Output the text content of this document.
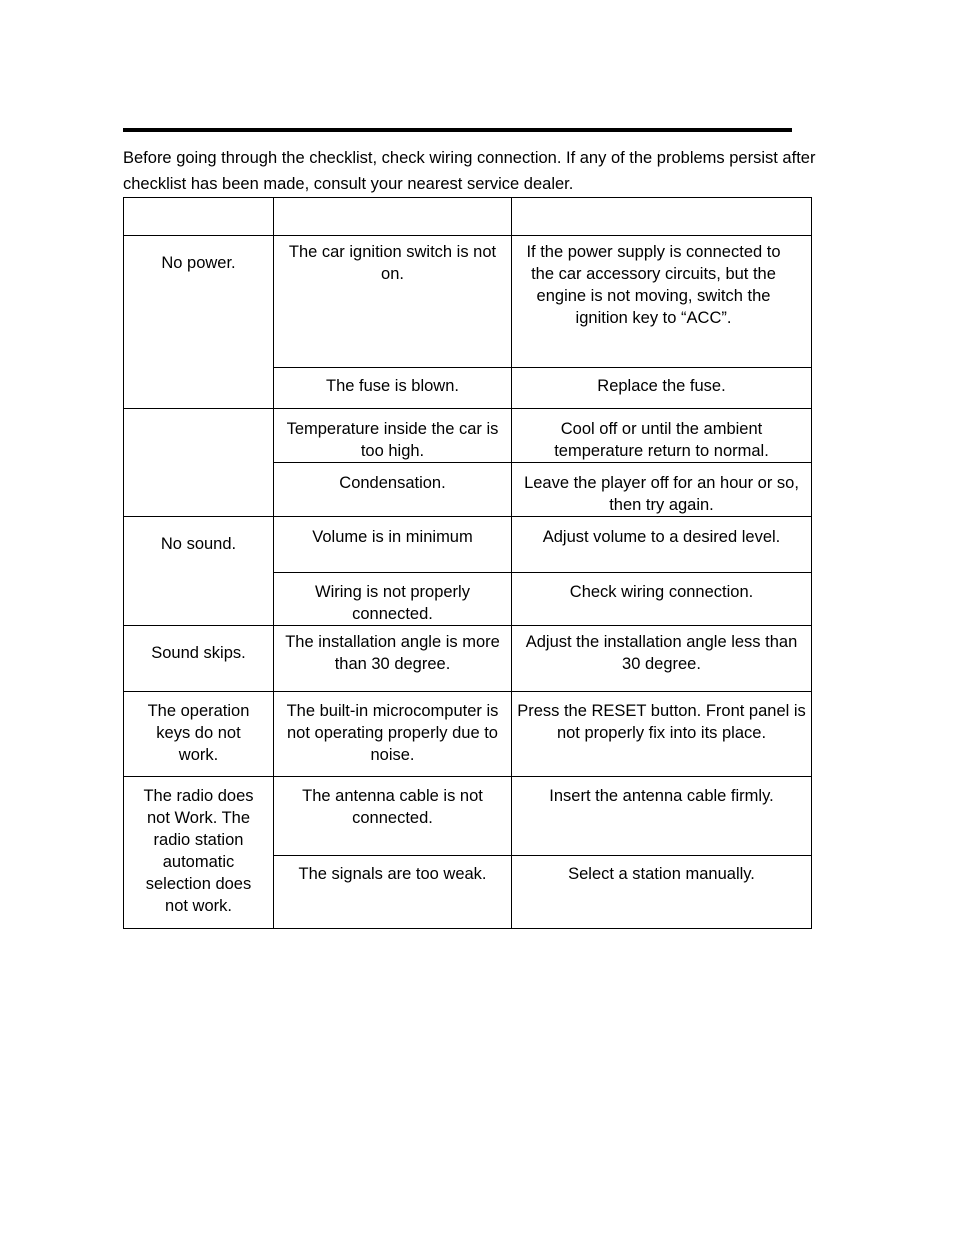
Before going through the checklist, check wiring connection. If any of the problems persist after checklist has been made, consult your nearest service dealer.

No power.	The car ignition switch is not on.	If the power supply is connected to the car accessory circuits, but the engine is not moving, switch the ignition key to “ACC”.
	The fuse is blown.	Replace the fuse.
	Temperature inside the car is too high.	Cool off or until the ambient temperature return to normal.
	Condensation.	Leave the player off for an hour or so, then try again.
No sound.	Volume is in minimum	Adjust volume to a desired level.
	Wiring is not properly connected.	Check wiring connection.
Sound skips.	The installation angle is more than 30 degree.	Adjust the installation angle less than 30 degree.
The operation keys do not work.	The built-in microcomputer is not operating properly due to noise.	Press the RESET button. Front panel is not properly fix into its place.
The radio does not Work. The radio station automatic selection does not work.	The antenna cable is not connected.	Insert the antenna cable firmly.
	The signals are too weak.	Select a station manually.
